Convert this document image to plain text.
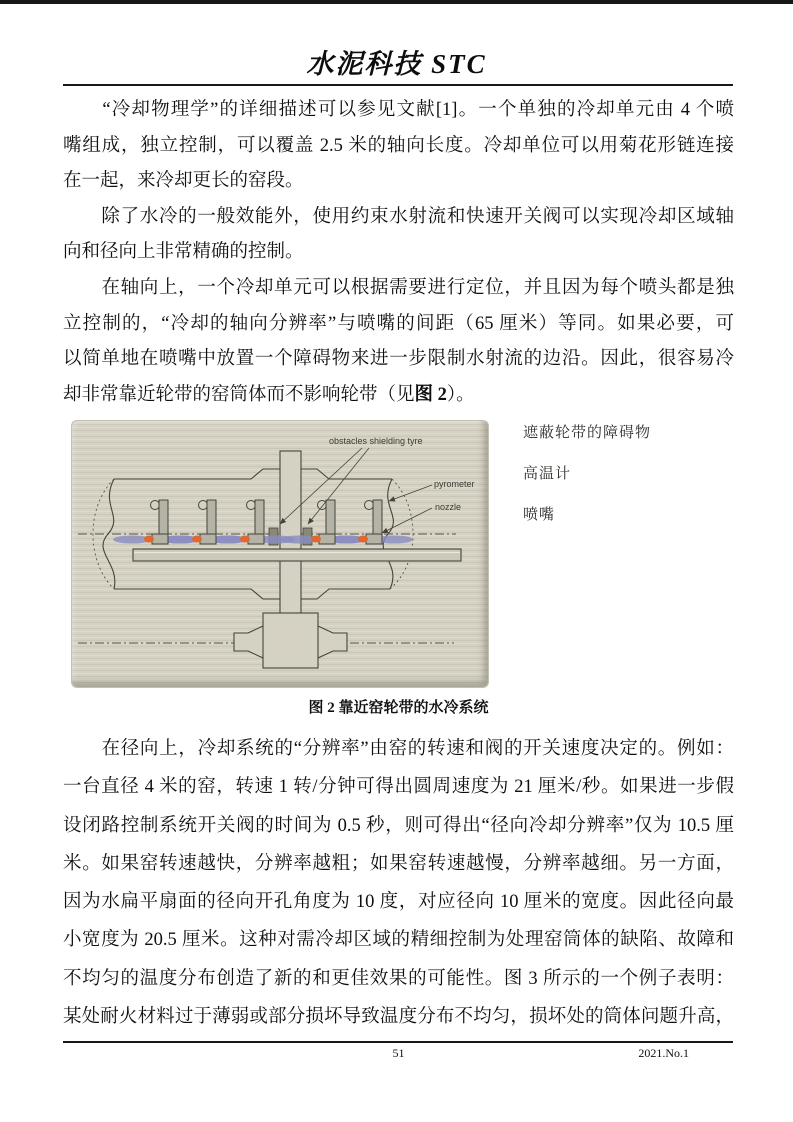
水泥科技 STC
　　“冷却物理学”的详细描述可以参见文献[1]。一个单独的冷却单元由 4 个喷
嘴组成，独立控制，可以覆盖 2.5 米的轴向长度。冷却单位可以用菊花形链连接
在一起，来冷却更长的窑段。
　　除了水冷的一般效能外，使用约束水射流和快速开关阀可以实现冷却区域轴
向和径向上非常精确的控制。
　　在轴向上，一个冷却单元可以根据需要进行定位，并且因为每个喷头都是独
立控制的，“冷却的轴向分辨率”与喷嘴的间距（65 厘米）等同。如果必要，可
以简单地在喷嘴中放置一个障碍物来进一步限制水射流的边沿。因此，很容易冷
却非常靠近轮带的窑筒体而不影响轮带（见图 2）。
obstacles shielding tyre
pyrometer
nozzle
遮蔽轮带的障碍物
高温计
喷嘴
图 2 靠近窑轮带的水冷系统
　　在径向上，冷却系统的“分辨率”由窑的转速和阀的开关速度决定的。例如：
一台直径 4 米的窑，转速 1 转/分钟可得出圆周速度为 21 厘米/秒。如果进一步假
设闭路控制系统开关阀的时间为 0.5 秒，则可得出“径向冷却分辨率”仅为 10.5 厘
米。如果窑转速越快，分辨率越粗；如果窑转速越慢，分辨率越细。另一方面，
因为水扁平扇面的径向开孔角度为 10 度，对应径向 10 厘米的宽度。因此径向最
小宽度为 20.5 厘米。这种对需冷却区域的精细控制为处理窑筒体的缺陷、故障和
不均匀的温度分布创造了新的和更佳效果的可能性。图 3 所示的一个例子表明：
某处耐火材料过于薄弱或部分损坏导致温度分布不均匀，损坏处的筒体问题升高，
51	2021.No.1
